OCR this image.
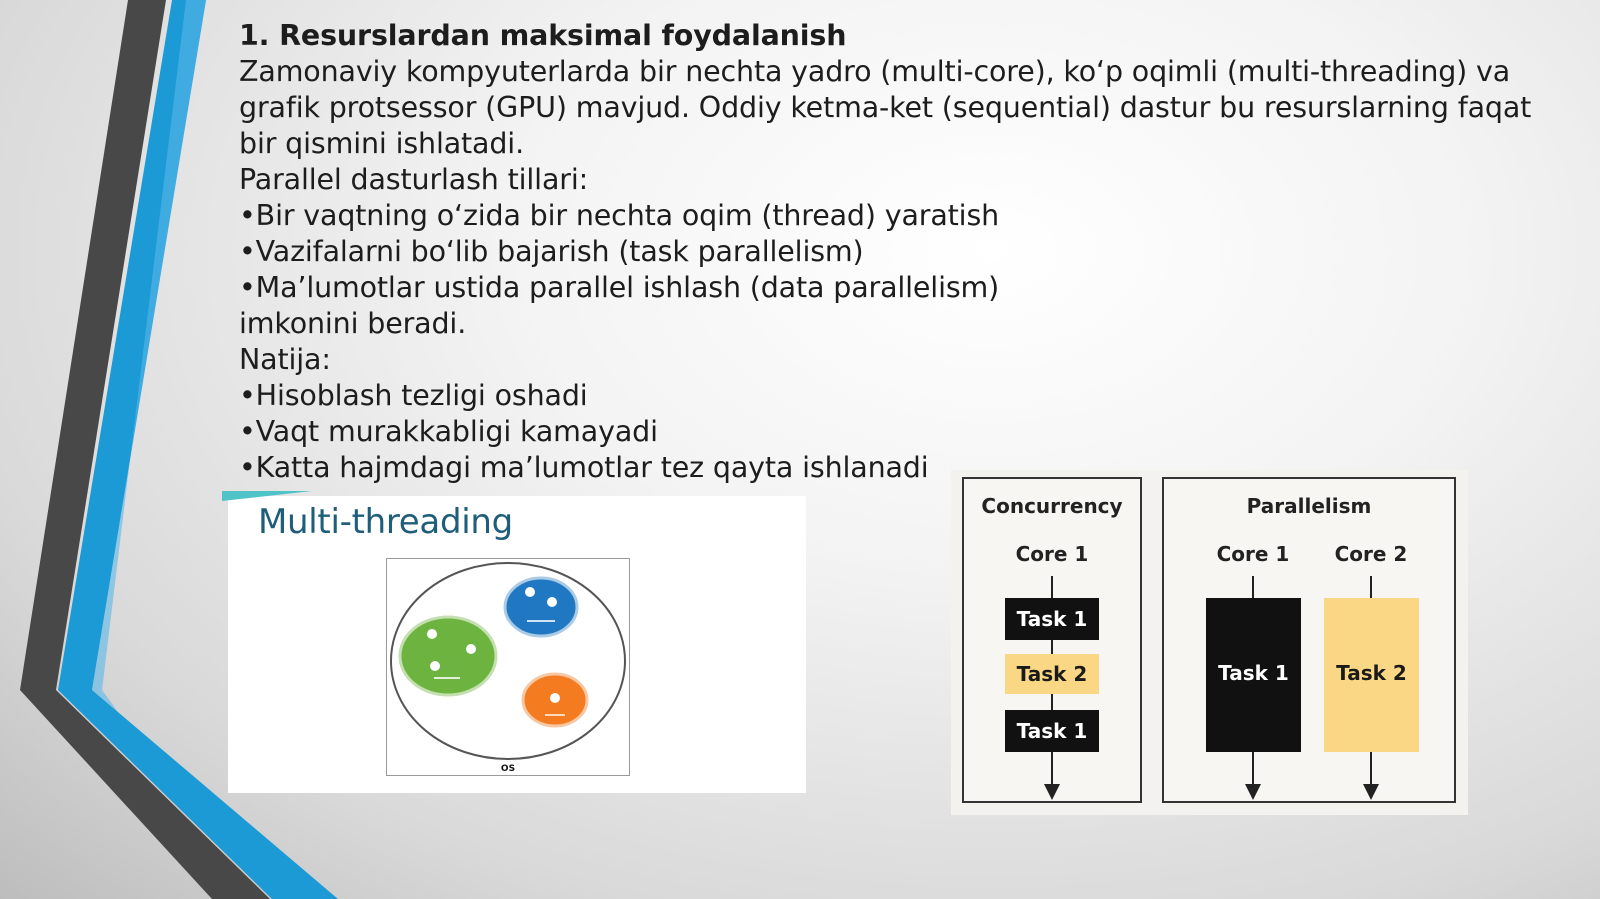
1. Resurslardan maksimal foydalanish
Zamonaviy kompyuterlarda bir nechta yadro (multi-core), ko‘p oqimli (multi-threading) va grafik protsessor (GPU) mavjud. Oddiy ketma-ket (sequential) dastur bu resurslarning faqat bir qismini ishlatadi.
Parallel dasturlash tillari:
•Bir vaqtning o‘zida bir nechta oqim (thread) yaratish
•Vazifalarni bo‘lib bajarish (task parallelism)
•Ma’lumotlar ustida parallel ishlash (data parallelism)
imkonini beradi.
Natija:
•Hisoblash tezligi oshadi
•Vaqt murakkabligi kamayadi
•Katta hajmdagi ma’lumotlar tez qayta ishlanadi
Multi-threading
OS
Concurrency	Parallelism
Core 1	Core 1	Core 2
Task 1
Task 2
Task 1
Task 1	Task 2
